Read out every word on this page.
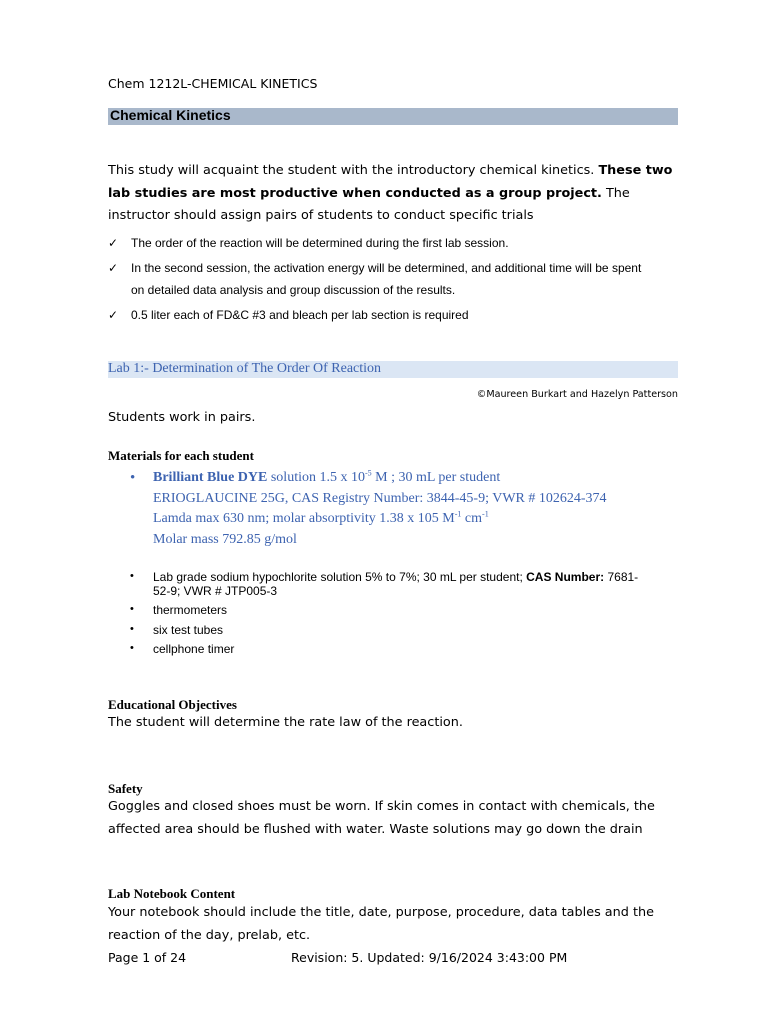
Chem 1212L-CHEMICAL KINETICS
Chemical Kinetics
This study will acquaint the student with the introductory chemical kinetics. These two lab studies are most productive when conducted as a group project. The instructor should assign pairs of students to conduct specific trials
✓ The order of the reaction will be determined during the first lab session.
✓ In the second session, the activation energy will be determined, and additional time will be spent
on detailed data analysis and group discussion of the results.
✓ 0.5 liter each of FD&C #3 and bleach per lab section is required
Lab 1:- Determination of The Order Of Reaction
©Maureen Burkart and Hazelyn Patterson
Students work in pairs.
Materials for each student
• Brilliant Blue DYE solution 1.5 x $10^{-5}$ M ; 30 mL per student
ERIOGLAUCINE 25G, CAS Registry Number: 3844-45-9; VWR # 102624-374
Lamda max 630 nm; molar absorptivity 1.38 x 105 $M^{-1}$ $cm^{-1}$
Molar mass 792.85 g/mol
• Lab grade sodium hypochlorite solution 5% to 7%; 30 mL per student; CAS Number: 7681-
52-9; VWR # JTP005-3
• thermometers
• six test tubes
• cellphone timer
Educational Objectives
The student will determine the rate law of the reaction.
Safety
Goggles and closed shoes must be worn. If skin comes in contact with chemicals, the
affected area should be flushed with water. Waste solutions may go down the drain
Lab Notebook Content
Your notebook should include the title, date, purpose, procedure, data tables and the
reaction of the day, prelab, etc.
Page 1 of 24	Revision: 5. Updated: 9/16/2024 3:43:00 PM
